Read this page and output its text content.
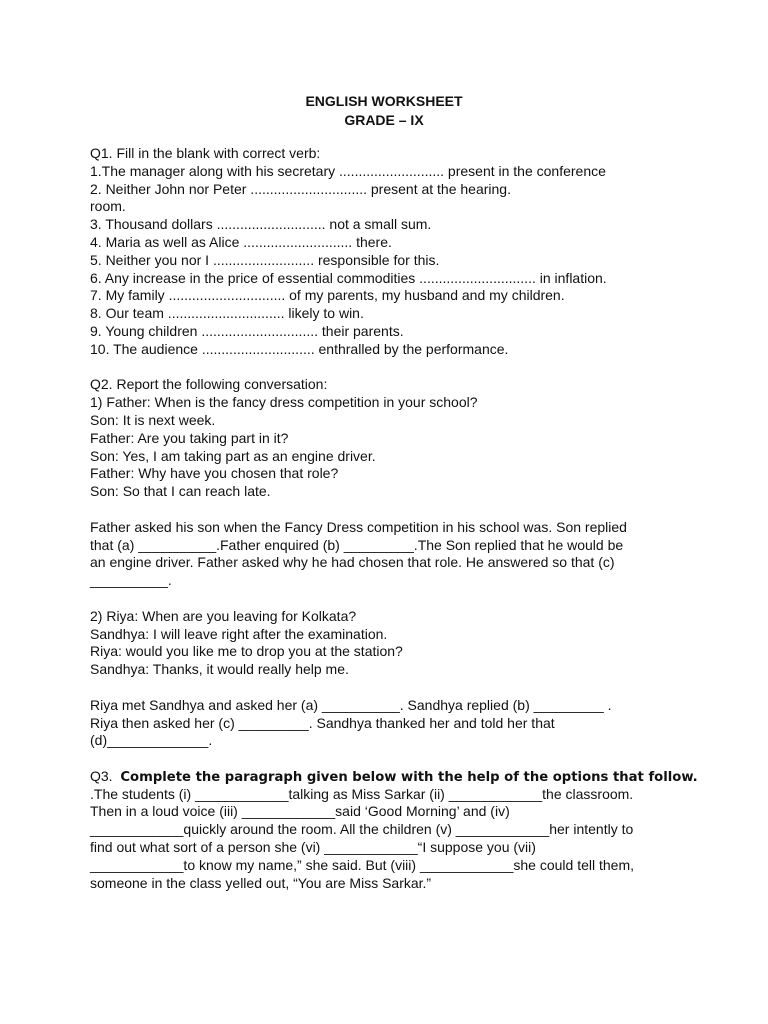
ENGLISH WORKSHEET
GRADE – IX
Q1. Fill in the blank with correct verb:
1.The manager along with his secretary ........................... present in the conference
2. Neither John nor Peter .............................. present at the hearing.
room.
3. Thousand dollars ............................ not a small sum.
4. Maria as well as Alice ............................ there.
5. Neither you nor I .......................... responsible for this.
6. Any increase in the price of essential commodities .............................. in inflation.
7. My family .............................. of my parents, my husband and my children.
8. Our team .............................. likely to win.
9. Young children .............................. their parents.
10. The audience ............................. enthralled by the performance.
Q2. Report the following conversation:
1) Father: When is the fancy dress competition in your school?
Son: It is next week.
Father: Are you taking part in it?
Son: Yes, I am taking part as an engine driver.
Father: Why have you chosen that role?
Son: So that I can reach late.
Father asked his son when the Fancy Dress competition in his school was. Son replied
that (a) __________.Father enquired (b) _________.The Son replied that he would be
an engine driver. Father asked why he had chosen that role. He answered so that (c)
__________.
2) Riya: When are you leaving for Kolkata?
Sandhya: I will leave right after the examination.
Riya: would you like me to drop you at the station?
Sandhya: Thanks, it would really help me.
Riya met Sandhya and asked her (a) __________. Sandhya replied (b) _________ .
Riya then asked her (c) _________. Sandhya thanked her and told her that
(d)_____________.
Q3. Complete the paragraph given below with the help of the options that follow.
.The students (i) ____________talking as Miss Sarkar (ii) ____________the classroom.
Then in a loud voice (iii) ____________said ‘Good Morning’ and (iv)
____________quickly around the room. All the children (v) ____________her intently to
find out what sort of a person she (vi) ____________“I suppose you (vii)
____________to know my name,” she said. But (viii) ____________she could tell them,
someone in the class yelled out, “You are Miss Sarkar.”
